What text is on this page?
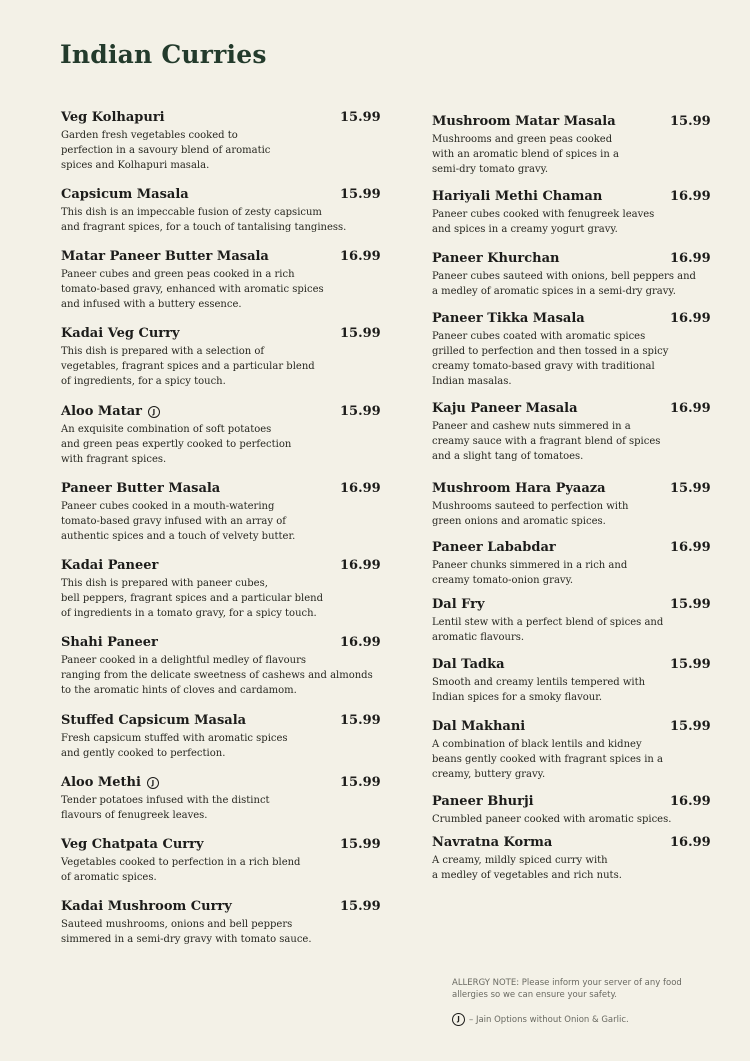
Indian Curries
Veg Kolhapuri	15.99
Garden fresh vegetables cooked to
perfection in a savoury blend of aromatic
spices and Kolhapuri masala.
Capsicum Masala	15.99
This dish is an impeccable fusion of zesty capsicum
and fragrant spices, for a touch of tantalising tanginess.
Matar Paneer Butter Masala	16.99
Paneer cubes and green peas cooked in a rich
tomato-based gravy, enhanced with aromatic spices
and infused with a buttery essence.
Kadai Veg Curry	15.99
This dish is prepared with a selection of
vegetables, fragrant spices and a particular blend
of ingredients, for a spicy touch.
Aloo Matar	J	15.99
An exquisite combination of soft potatoes
and green peas expertly cooked to perfection
with fragrant spices.
Paneer Butter Masala	16.99
Paneer cubes cooked in a mouth-watering
tomato-based gravy infused with an array of
authentic spices and a touch of velvety butter.
Kadai Paneer	16.99
This dish is prepared with paneer cubes,
bell peppers, fragrant spices and a particular blend
of ingredients in a tomato gravy, for a spicy touch.
Shahi Paneer	16.99
Paneer cooked in a delightful medley of flavours
ranging from the delicate sweetness of cashews and almonds
to the aromatic hints of cloves and cardamom.
Stuffed Capsicum Masala	15.99
Fresh capsicum stuffed with aromatic spices
and gently cooked to perfection.
Aloo Methi	J	15.99
Tender potatoes infused with the distinct
flavours of fenugreek leaves.
Veg Chatpata Curry	15.99
Vegetables cooked to perfection in a rich blend
of aromatic spices.
Kadai Mushroom Curry	15.99
Sauteed mushrooms, onions and bell peppers
simmered in a semi-dry gravy with tomato sauce.
Mushroom Matar Masala	15.99
Mushrooms and green peas cooked
with an aromatic blend of spices in a
semi-dry tomato gravy.
Hariyali Methi Chaman	16.99
Paneer cubes cooked with fenugreek leaves
and spices in a creamy yogurt gravy.
Paneer Khurchan	16.99
Paneer cubes sauteed with onions, bell peppers and
a medley of aromatic spices in a semi-dry gravy.
Paneer Tikka Masala	16.99
Paneer cubes coated with aromatic spices
grilled to perfection and then tossed in a spicy
creamy tomato-based gravy with traditional
Indian masalas.
Kaju Paneer Masala	16.99
Paneer and cashew nuts simmered in a
creamy sauce with a fragrant blend of spices
and a slight tang of tomatoes.
Mushroom Hara Pyaaza	15.99
Mushrooms sauteed to perfection with
green onions and aromatic spices.
Paneer Lababdar	16.99
Paneer chunks simmered in a rich and
creamy tomato-onion gravy.
Dal Fry	15.99
Lentil stew with a perfect blend of spices and
aromatic flavours.
Dal Tadka	15.99
Smooth and creamy lentils tempered with
Indian spices for a smoky flavour.
Dal Makhani	15.99
A combination of black lentils and kidney
beans gently cooked with fragrant spices in a
creamy, buttery gravy.
Paneer Bhurji	16.99
Crumbled paneer cooked with aromatic spices.
Navratna Korma	16.99
A creamy, mildly spiced curry with
a medley of vegetables and rich nuts.
ALLERGY NOTE: Please inform your server of any food allergies so we can ensure your safety.
J	– Jain Options without Onion & Garlic.
